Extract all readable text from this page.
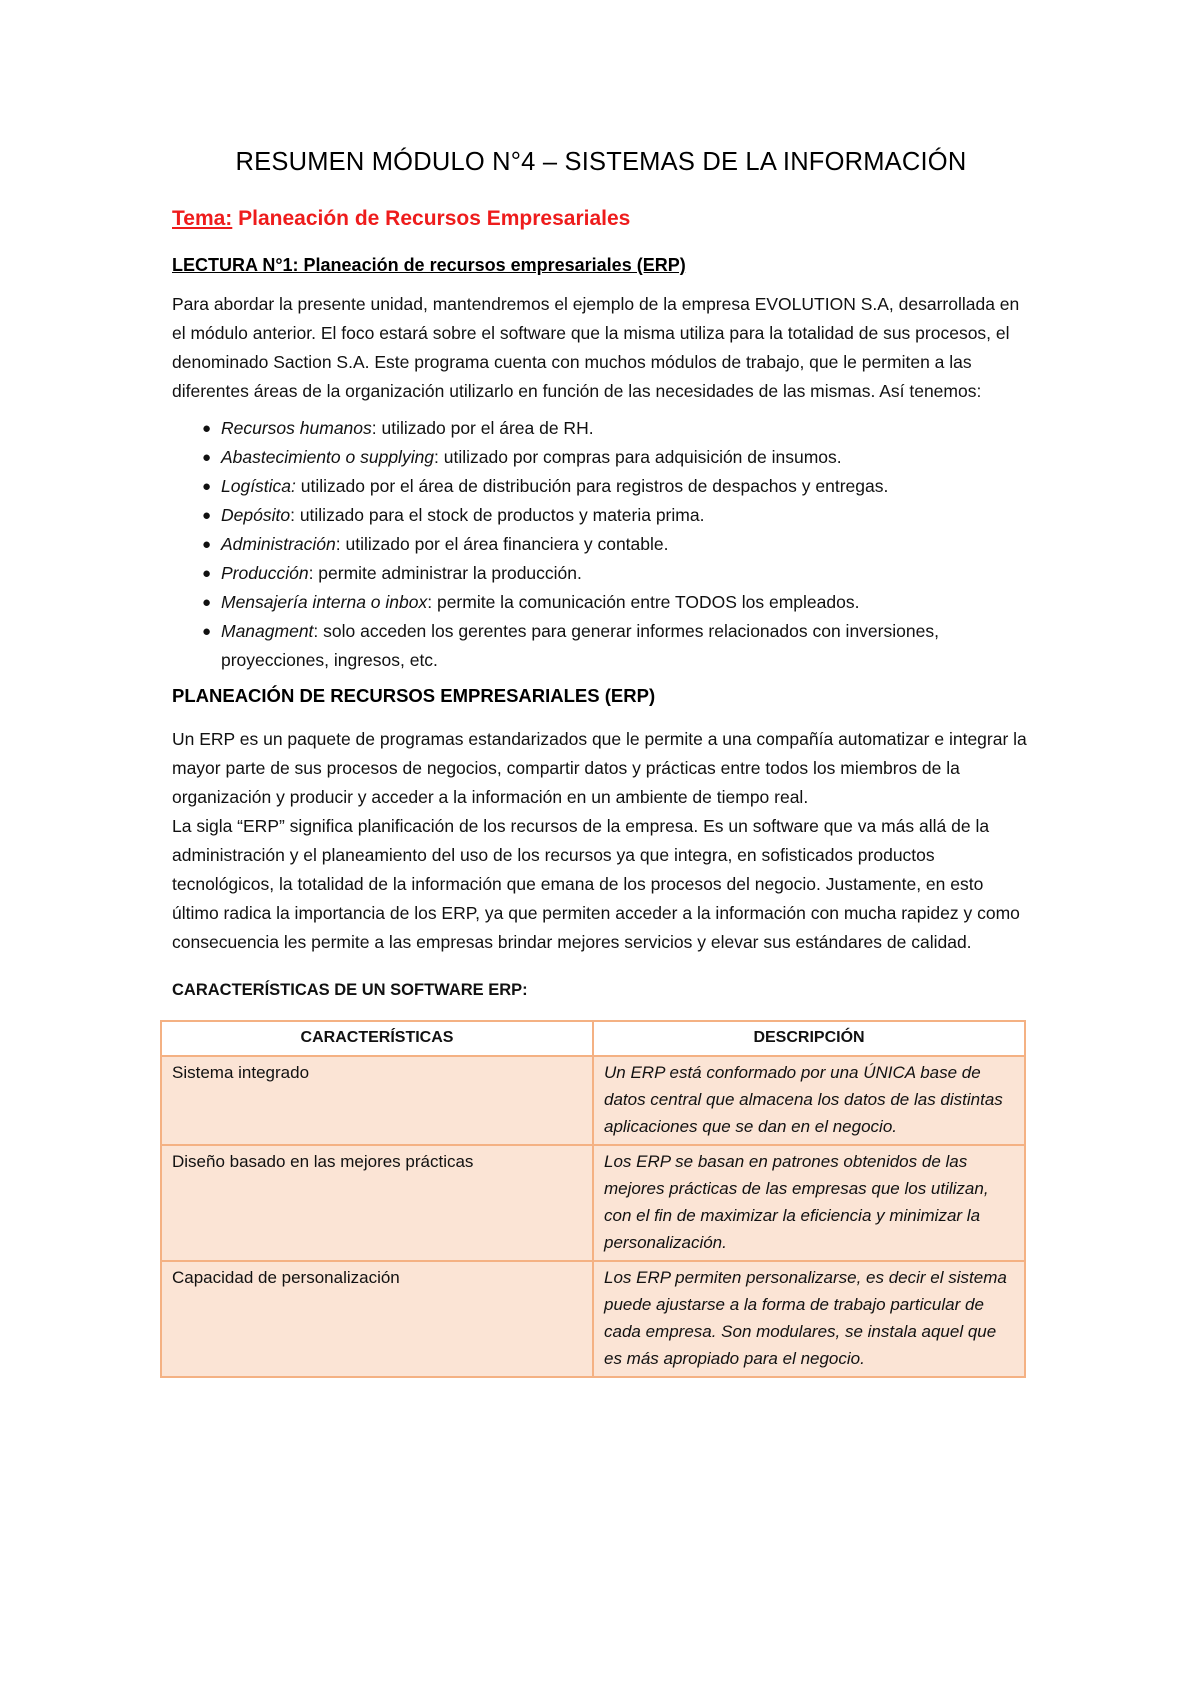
RESUMEN MÓDULO N°4 – SISTEMAS DE LA INFORMACIÓN
Tema: Planeación de Recursos Empresariales
LECTURA N°1: Planeación de recursos empresariales (ERP)

Para abordar la presente unidad, mantendremos el ejemplo de la empresa EVOLUTION S.A, desarrollada en el módulo anterior. El foco estará sobre el software que la misma utiliza para la totalidad de sus procesos, el denominado Saction S.A. Este programa cuenta con muchos módulos de trabajo, que le permiten a las diferentes áreas de la organización utilizarlo en función de las necesidades de las mismas. Así tenemos:

● Recursos humanos: utilizado por el área de RH.
● Abastecimiento o supplying: utilizado por compras para adquisición de insumos.
● Logística: utilizado por el área de distribución para registros de despachos y entregas.
● Depósito: utilizado para el stock de productos y materia prima.
● Administración: utilizado por el área financiera y contable.
● Producción: permite administrar la producción.
● Mensajería interna o inbox: permite la comunicación entre TODOS los empleados.
● Managment: solo acceden los gerentes para generar informes relacionados con inversiones, proyecciones, ingresos, etc.
PLANEACIÓN DE RECURSOS EMPRESARIALES (ERP)

Un ERP es un paquete de programas estandarizados que le permite a una compañía automatizar e integrar la mayor parte de sus procesos de negocios, compartir datos y prácticas entre todos los miembros de la organización y producir y acceder a la información en un ambiente de tiempo real.

La sigla “ERP” significa planificación de los recursos de la empresa. Es un software que va más allá de la administración y el planeamiento del uso de los recursos ya que integra, en sofisticados productos tecnológicos, la totalidad de la información que emana de los procesos del negocio. Justamente, en esto último radica la importancia de los ERP, ya que permiten acceder a la información con mucha rapidez y como consecuencia les permite a las empresas brindar mejores servicios y elevar sus estándares de calidad.

CARACTERÍSTICAS DE UN SOFTWARE ERP:
CARACTERÍSTICAS	DESCRIPCIÓN
Sistema integrado	Un ERP está conformado por una ÚNICA base de datos central que almacena los datos de las distintas aplicaciones que se dan en el negocio.
Diseño basado en las mejores prácticas	Los ERP se basan en patrones obtenidos de las mejores prácticas de las empresas que los utilizan, con el fin de maximizar la eficiencia y minimizar la personalización.
Capacidad de personalización	Los ERP permiten personalizarse, es decir el sistema puede ajustarse a la forma de trabajo particular de cada empresa. Son modulares, se instala aquel que es más apropiado para el negocio.
